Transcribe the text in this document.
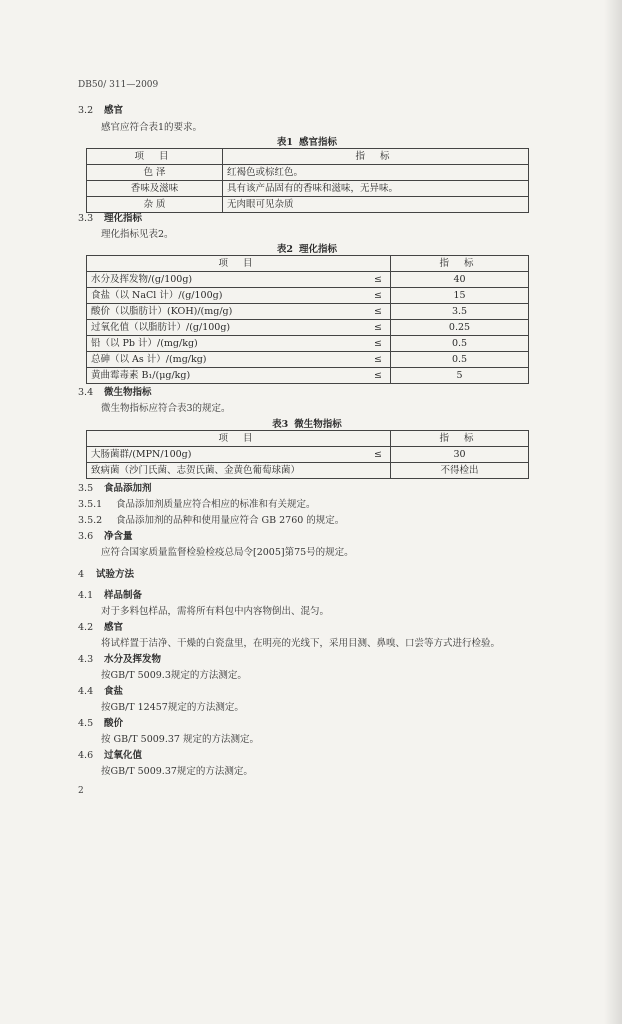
DB50/ 311—2009
3.2 感官
感官应符合表1的要求。
表1 感官指标
项 目	指 标
色 泽	红褐色或棕红色。
香味及滋味	具有该产品固有的香味和滋味，无异味。
杂 质	无肉眼可见杂质
3.3 理化指标
理化指标见表2。
表2 理化指标
项 目		指 标
水分及挥发物/(g/100g)	≤	40
食盐（以 NaCl 计）/(g/100g)	≤	15
酸价（以脂肪计）(KOH)/(mg/g)	≤	3.5
过氧化值（以脂肪计）/(g/100g)	≤	0.25
铅（以 Pb 计）/(mg/kg)	≤	0.5
总砷（以 As 计）/(mg/kg)	≤	0.5
黄曲霉毒素 B₁/(μg/kg)	≤	5
3.4 微生物指标
微生物指标应符合表3的规定。
表3 微生物指标
项 目		指 标
大肠菌群/(MPN/100g)	≤	30
致病菌（沙门氏菌、志贺氏菌、金黄色葡萄球菌）		不得检出
3.5 食品添加剂
3.5.1 食品添加剂质量应符合相应的标准和有关规定。
3.5.2 食品添加剂的品种和使用量应符合 GB 2760 的规定。
3.6 净含量
应符合国家质量监督检验检疫总局令[2005]第75号的规定。
4 试验方法
4.1 样品制备
对于多料包样品，需将所有料包中内容物倒出、混匀。
4.2 感官
将试样置于洁净、干燥的白瓷盘里，在明亮的光线下，采用目测、鼻嗅、口尝等方式进行检验。
4.3 水分及挥发物
按GB/T 5009.3规定的方法测定。
4.4 食盐
按GB/T 12457规定的方法测定。
4.5 酸价
按 GB/T 5009.37 规定的方法测定。
4.6 过氧化值
按GB/T 5009.37规定的方法测定。
2
